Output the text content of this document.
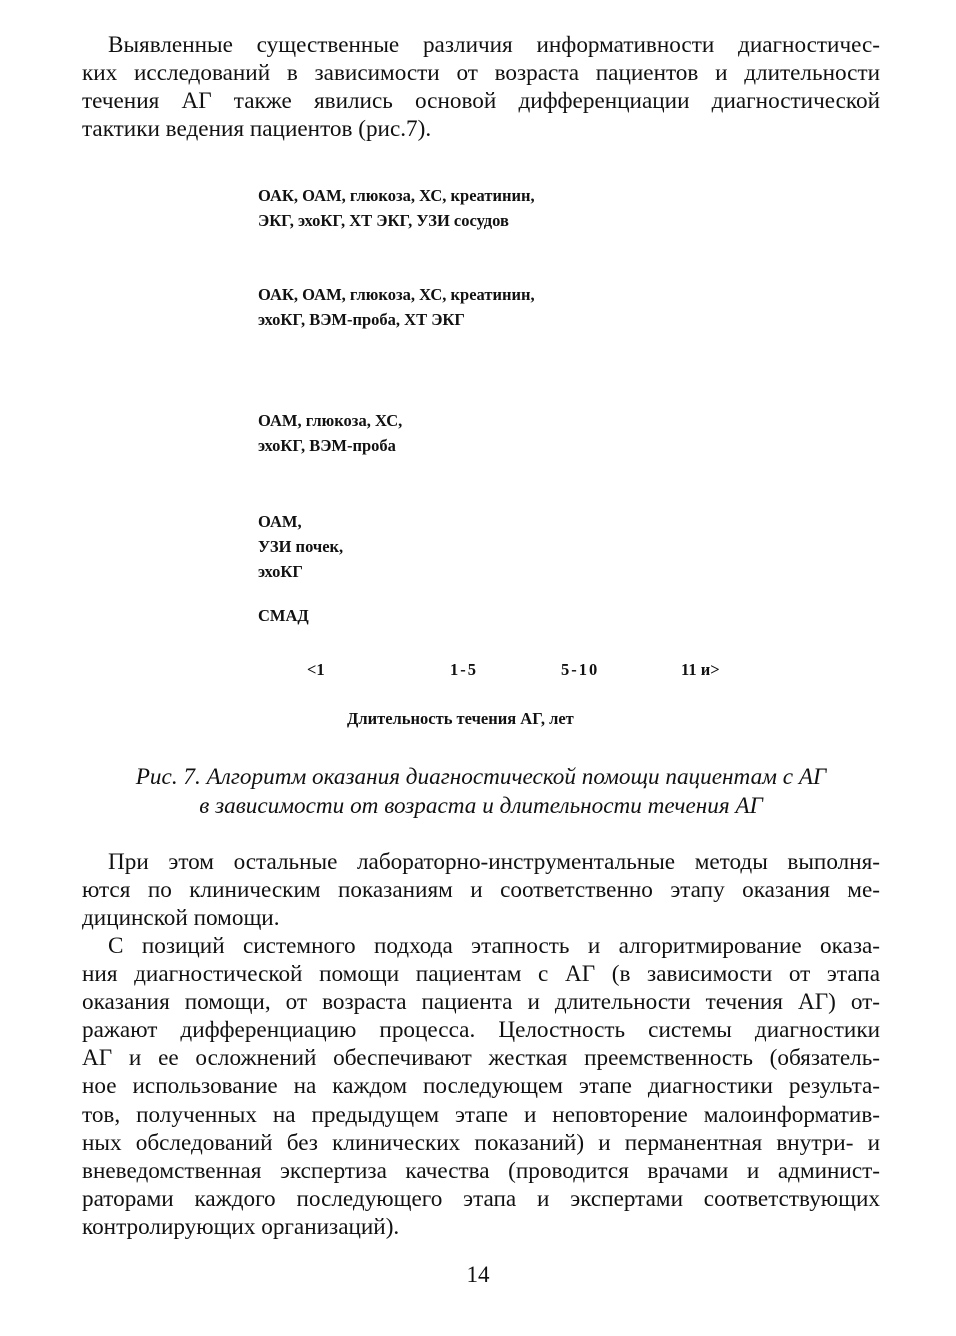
Выявленные существенные различия информативности диагностичес-
ких исследований в зависимости от возраста пациентов и длительности
течения АГ также явились основой дифференциации диагностической
тактики ведения пациентов (рис.7).
ОАК, ОАМ, глюкоза, ХС, креатинин,
ЭКГ, эхоКГ, ХТ ЭКГ, УЗИ сосудов
ОАК, ОАМ, глюкоза, ХС, креатинин,
эхоКГ, ВЭМ-проба, ХТ ЭКГ
ОАМ, глюкоза, ХС,
эхоКГ, ВЭМ-проба
ОАМ,
УЗИ почек,
эхоКГ
СМАД
<1	1-5	5-10	11 и>
Длительность течения АГ, лет
Рис. 7. Алгоритм оказания диагностической помощи пациентам с АГ
в зависимости от возраста и длительности течения АГ
При этом остальные лабораторно-инструментальные методы выполня-
ются по клиническим показаниям и соответственно этапу оказания ме-
дицинской помощи.
С позиций системного подхода этапность и алгоритмирование оказа-
ния диагностической помощи пациентам с АГ (в зависимости от этапа
оказания помощи, от возраста пациента и длительности течения АГ) от-
ражают дифференциацию процесса. Целостность системы диагностики
АГ и ее осложнений обеспечивают жесткая преемственность (обязатель-
ное использование на каждом последующем этапе диагностики результа-
тов, полученных на предыдущем этапе и неповторение малоинформатив-
ных обследований без клинических показаний) и перманентная внутри- и
вневедомственная экспертиза качества (проводится врачами и админист-
раторами каждого последующего этапа и экспертами соответствующих
контролирующих организаций).
14
